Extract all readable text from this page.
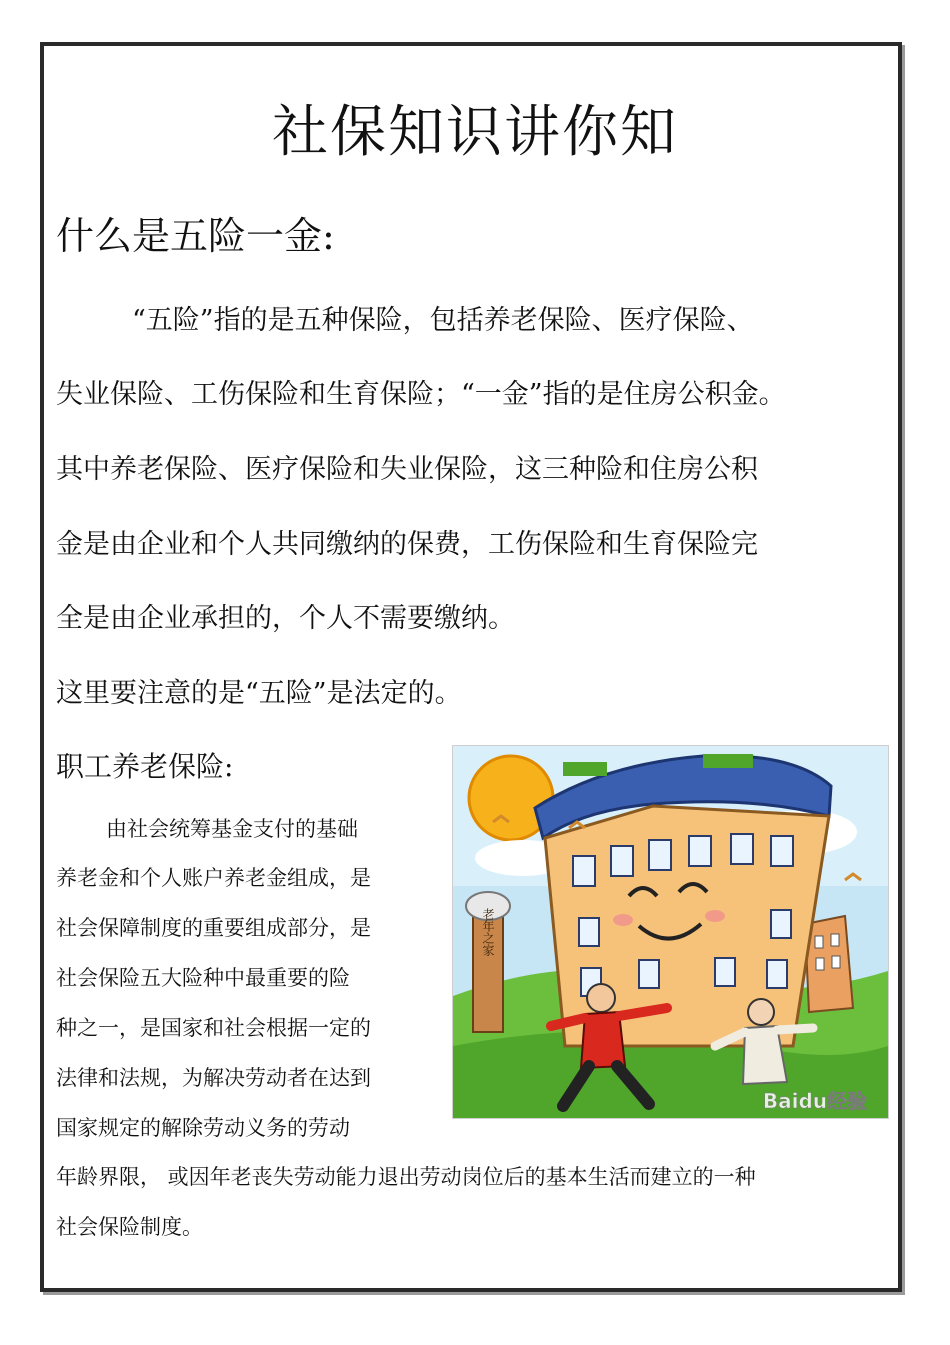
社保知识讲你知
什么是五险一金:

“五险”指的是五种保险，包括养老保险、医疗保险、

失业保险、工伤保险和生育保险；“一金”指的是住房公积金。

其中养老保险、医疗保险和失业保险，这三种险和住房公积

金是由企业和个人共同缴纳的保费，工伤保险和生育保险完

全是由企业承担的，个人不需要缴纳。

这里要注意的是“五险”是法定的。

职工养老保险:

由社会统筹基金支付的基础

养老金和个人账户养老金组成，是

社会保障制度的重要组成部分，是

社会保险五大险种中最重要的险

种之一，是国家和社会根据一定的

法律和法规，为解决劳动者在达到

国家规定的解除劳动义务的劳动

年龄界限， 或因年老丧失劳动能力退出劳动岗位后的基本生活而建立的一种

社会保险制度。

老年之家
Baidu经验
